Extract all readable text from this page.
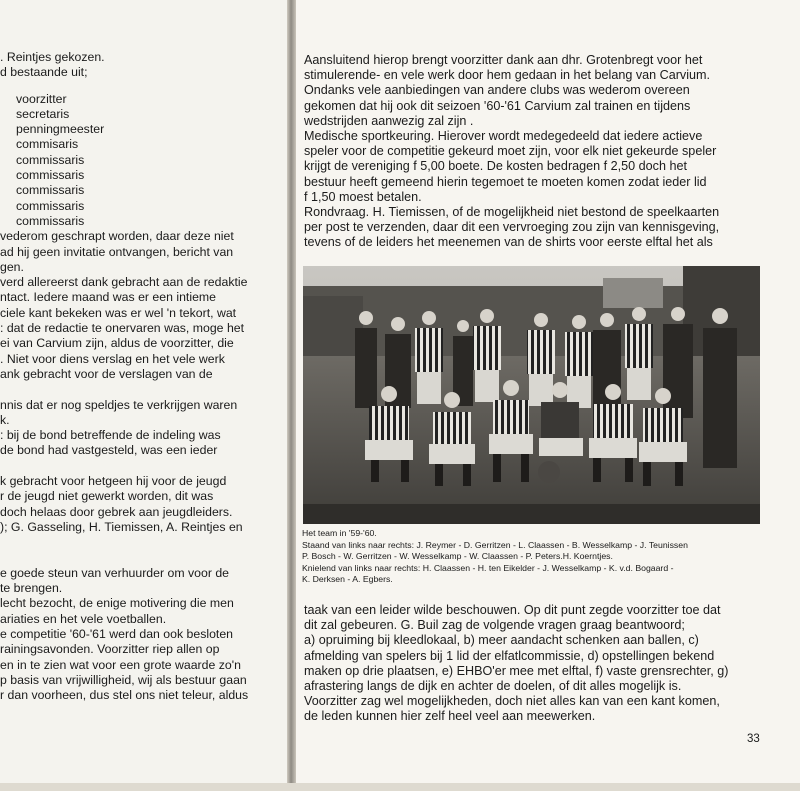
. Reintjes gekozen.
d bestaande uit;
voorzitter
secretaris
penningmeester
commisaris
commissaris
commissaris
commissaris
commissaris
commissaris
vederom geschrapt worden, daar deze niet
ad hij geen invitatie ontvangen, bericht van
gen.
verd allereerst dank gebracht aan de redaktie
ntact. Iedere maand was er een intieme
ciele kant bekeken was er wel 'n tekort, wat
: dat de redactie te onervaren was, moge het
ei van Carvium zijn, aldus de voorzitter, die
. Niet voor diens verslag en het vele werk
ank gebracht voor de verslagen van de
nnis dat er nog speldjes te verkrijgen waren
k.
: bij de bond betreffende de indeling was
de bond had vastgesteld, was een ieder
k gebracht voor hetgeen hij voor de jeugd
r de jeugd niet gewerkt worden, dit was
doch helaas door gebrek aan jeugdleiders.
); G. Gasseling, H. Tiemissen, A. Reintjes en
e goede steun van verhuurder om voor de
te brengen.
lecht bezocht, de enige motivering die men
ariaties en het vele voetballen.
e competitie '60-'61 werd dan ook besloten
rainingsavonden. Voorzitter riep allen op
en in te zien wat voor een grote waarde zo'n
p basis van vrijwilligheid, wij als bestuur gaan
r dan voorheen, dus stel ons niet teleur, aldus
Aansluitend hierop brengt voorzitter dank aan dhr. Grotenbregt voor het
stimulerende- en vele werk door hem gedaan in het belang van Carvium.
Ondanks vele aanbiedingen van andere clubs was wederom overeen
gekomen dat hij ook dit seizoen '60-'61 Carvium zal trainen en tijdens
wedstrijden aanwezig zal zijn .
Medische sportkeuring. Hierover wordt medegedeeld dat iedere actieve
speler voor de competitie gekeurd moet zijn, voor elk niet gekeurde speler
krijgt de vereniging f 5,00 boete. De kosten bedragen f 2,50 doch het
bestuur heeft gemeend hierin tegemoet te moeten komen zodat ieder lid
f 1,50 moest betalen.
Rondvraag. H. Tiemissen, of de mogelijkheid niet bestond de speelkaarten
per post te verzenden, daar dit een vervroeging zou zijn van kennisgeving,
tevens of de leiders het meenemen van de shirts voor eerste elftal het als
Het team in '59-'60.
Staand van links naar rechts: J. Reymer - D. Gerritzen - L. Claassen - B. Wesselkamp - J. Teunissen
P. Bosch - W. Gerritzen - W. Wesselkamp - W. Claassen - P. Peters.H. Koerntjes.
Knielend van links naar rechts: H. Claassen - H. ten Eikelder - J. Wesselkamp - K. v.d. Bogaard -
K. Derksen - A. Egbers.
taak van een leider wilde beschouwen. Op dit punt zegde voorzitter toe dat
dit zal gebeuren. G. Buil zag de volgende vragen graag beantwoord;
a) opruiming bij kleedlokaal, b) meer aandacht schenken aan ballen, c)
afmelding van spelers bij 1 lid der elfatlcommissie, d) opstellingen bekend
maken op drie plaatsen, e) EHBO'er mee met elftal, f) vaste grensrechter, g)
afrastering langs de dijk en achter de doelen, of dit alles mogelijk is.
Voorzitter zag wel mogelijkheden, doch niet alles kan van een kant komen,
de leden kunnen hier zelf heel veel aan meewerken.
33
